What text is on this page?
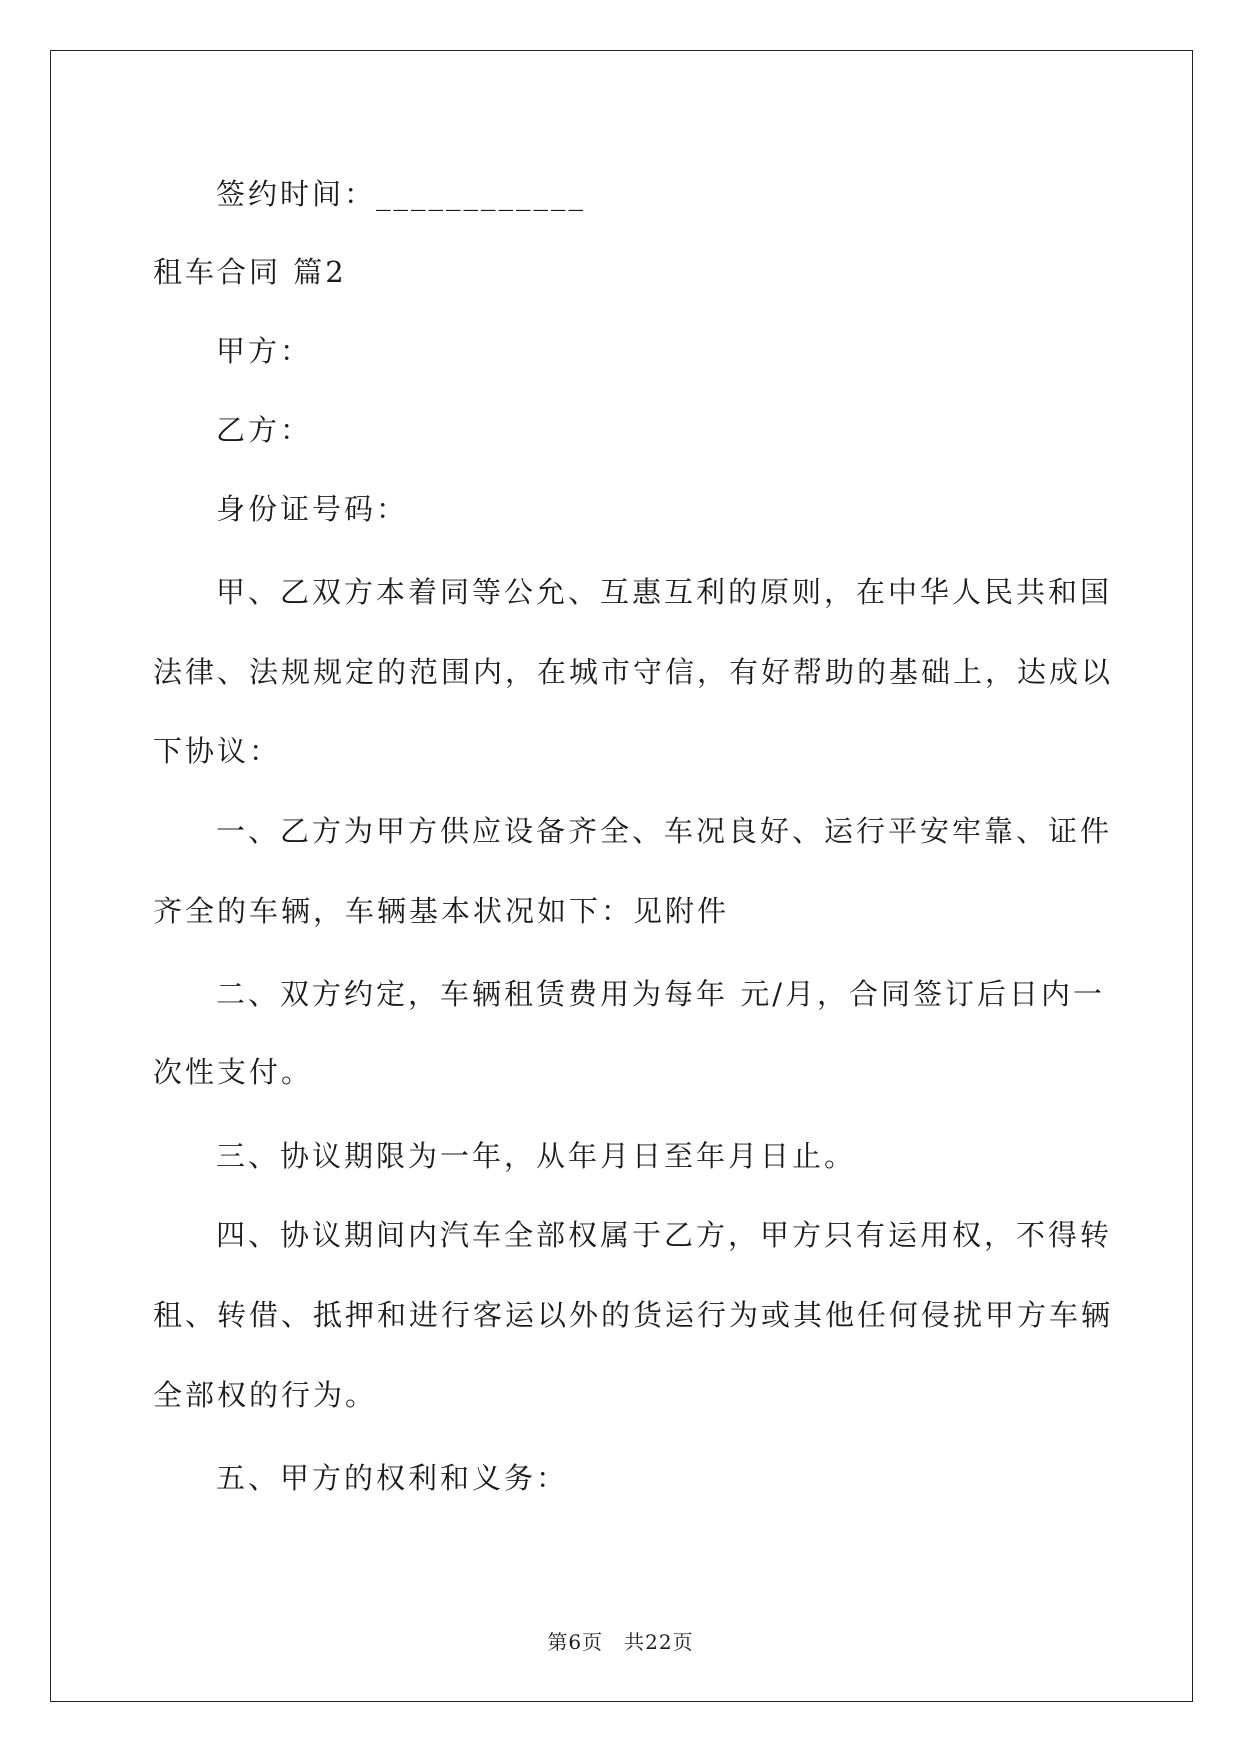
签约时间：____________
租车合同 篇2
甲方：
乙方：
身份证号码：
甲、乙双方本着同等公允、互惠互利的原则，在中华人民共和国
法律、法规规定的范围内，在城市守信，有好帮助的基础上，达成以
下协议：
一、乙方为甲方供应设备齐全、车况良好、运行平安牢靠、证件
齐全的车辆，车辆基本状况如下：见附件
二、双方约定，车辆租赁费用为每年 元/月，合同签订后日内一
次性支付。
三、协议期限为一年，从年月日至年月日止。
四、协议期间内汽车全部权属于乙方，甲方只有运用权，不得转
租、转借、抵押和进行客运以外的货运行为或其他任何侵扰甲方车辆
全部权的行为。
五、甲方的权利和义务：
第6页　共22页
